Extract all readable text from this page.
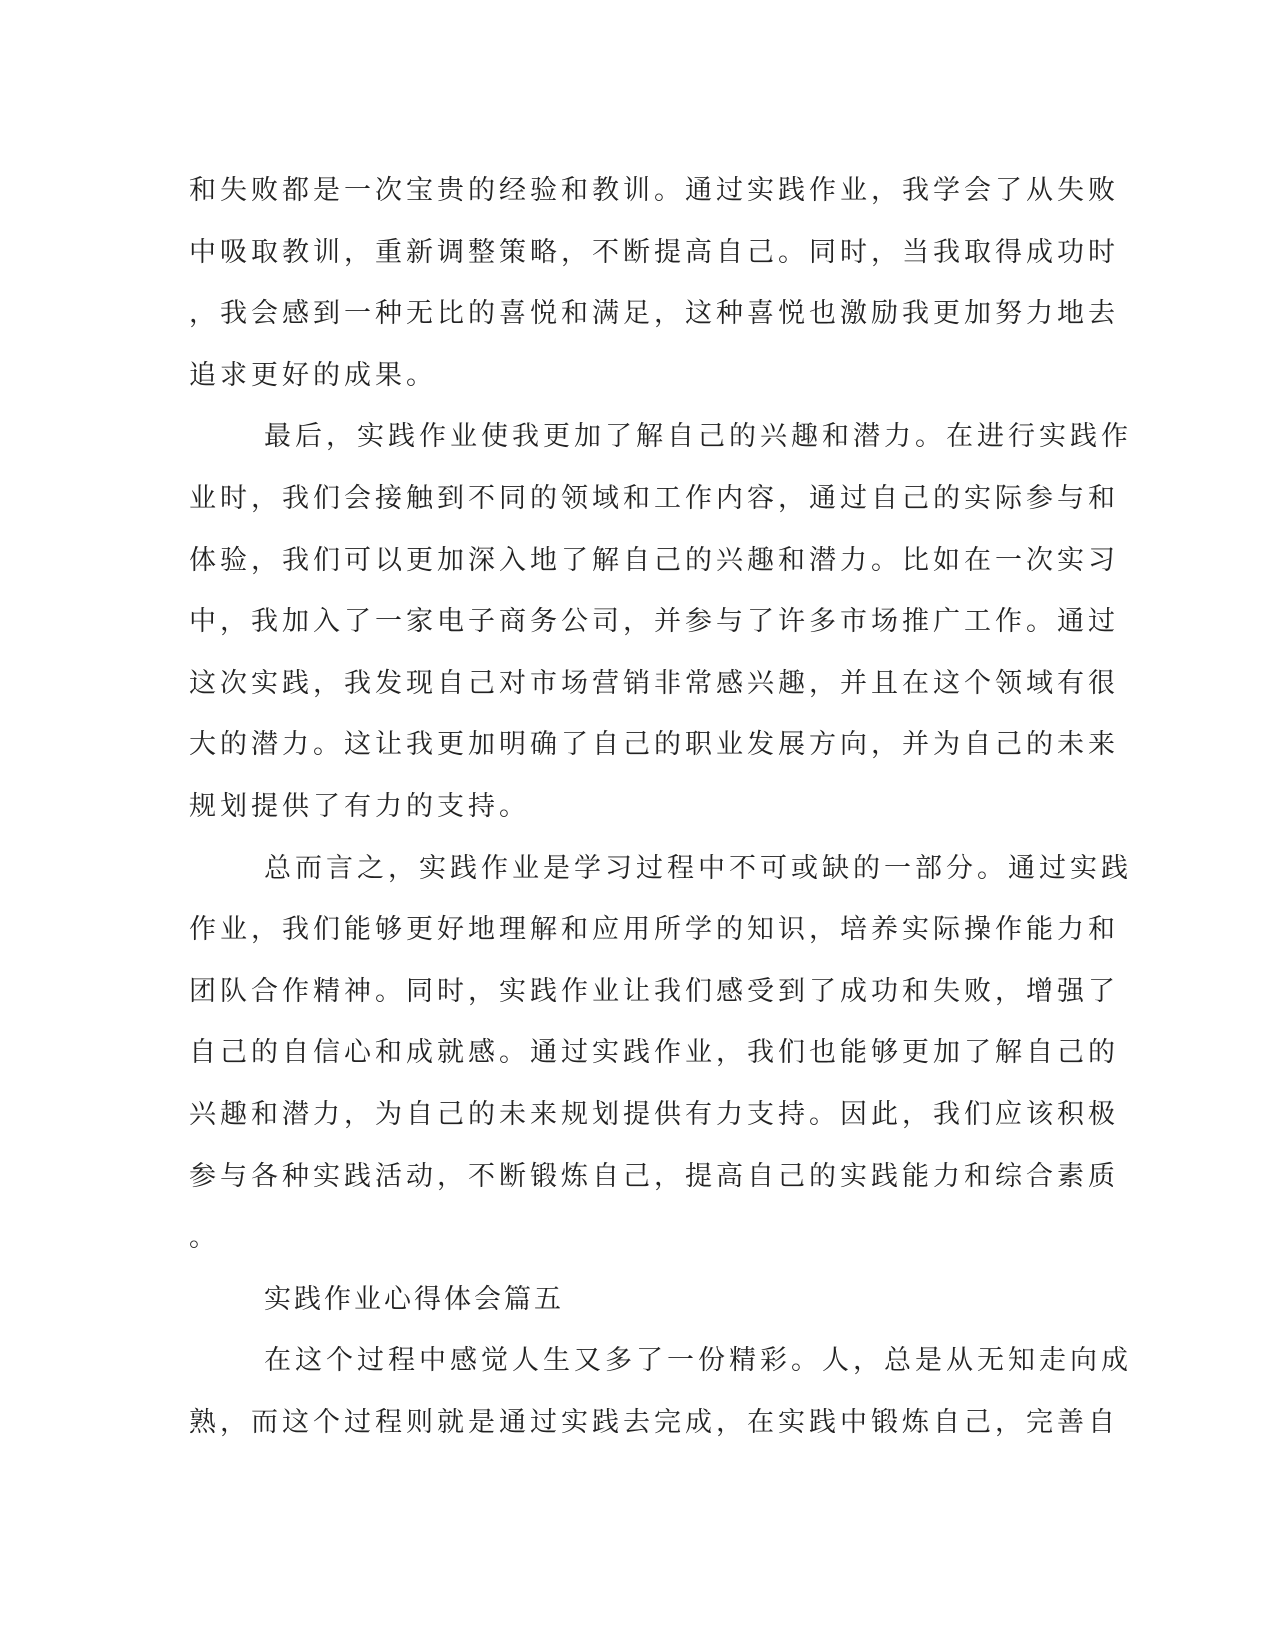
和失败都是一次宝贵的经验和教训。通过实践作业，我学会了从失败
中吸取教训，重新调整策略，不断提高自己。同时，当我取得成功时
，我会感到一种无比的喜悦和满足，这种喜悦也激励我更加努力地去
追求更好的成果。
最后，实践作业使我更加了解自己的兴趣和潜力。在进行实践作
业时，我们会接触到不同的领域和工作内容，通过自己的实际参与和
体验，我们可以更加深入地了解自己的兴趣和潜力。比如在一次实习
中，我加入了一家电子商务公司，并参与了许多市场推广工作。通过
这次实践，我发现自己对市场营销非常感兴趣，并且在这个领域有很
大的潜力。这让我更加明确了自己的职业发展方向，并为自己的未来
规划提供了有力的支持。
总而言之，实践作业是学习过程中不可或缺的一部分。通过实践
作业，我们能够更好地理解和应用所学的知识，培养实际操作能力和
团队合作精神。同时，实践作业让我们感受到了成功和失败，增强了
自己的自信心和成就感。通过实践作业，我们也能够更加了解自己的
兴趣和潜力，为自己的未来规划提供有力支持。因此，我们应该积极
参与各种实践活动，不断锻炼自己，提高自己的实践能力和综合素质
。
实践作业心得体会篇五
在这个过程中感觉人生又多了一份精彩。人，总是从无知走向成
熟，而这个过程则就是通过实践去完成，在实践中锻炼自己，完善自
